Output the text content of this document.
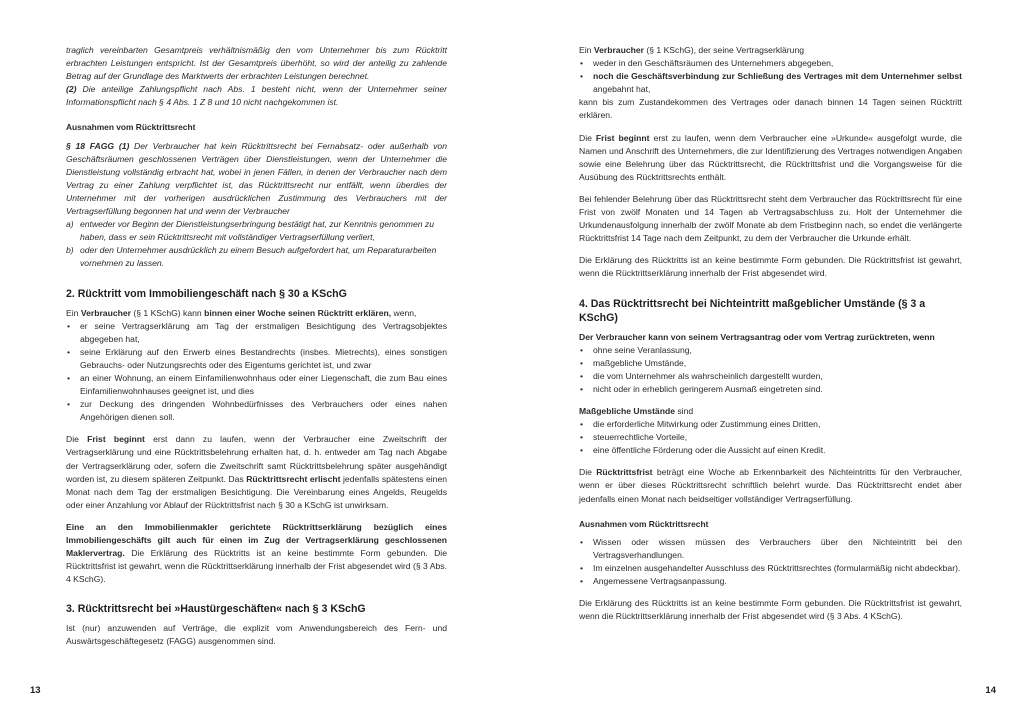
traglich vereinbarten Gesamtpreis verhältnismäßig den vom Unternehmer bis zum Rücktritt erbrachten Leistungen entspricht. Ist der Gesamtpreis überhöht, so wird der anteilig zu zahlende Betrag auf der Grundlage des Marktwerts der erbrachten Leistungen berechnet.

(2) Die anteilige Zahlungspflicht nach Abs. 1 besteht nicht, wenn der Unternehmer seiner Informationspflicht nach § 4 Abs. 1 Z 8 und 10 nicht nachgekommen ist.

Ausnahmen vom Rücktrittsrecht

§ 18 FAGG (1) Der Verbraucher hat kein Rücktrittsrecht bei Fernabsatz- oder außerhalb von Geschäftsräumen geschlossenen Verträgen über Dienstleistungen, wenn der Unternehmer die Dienstleistung vollständig erbracht hat, wobei in jenen Fällen, in denen der Verbraucher nach dem Vertrag zu einer Zahlung verpflichtet ist, das Rücktrittsrecht nur entfällt, wenn überdies der Unternehmer mit der vorherigen ausdrücklichen Zustimmung des Verbrauchers mit der Vertragserfüllung begonnen hat und wenn der Verbraucher

a) entweder vor Beginn der Dienstleistungserbringung bestätigt hat, zur Kenntnis genommen zu haben, dass er sein Rücktrittsrecht mit vollständiger Vertragserfüllung verliert,
b) oder den Unternehmer ausdrücklich zu einem Besuch aufgefordert hat, um Reparaturarbeiten vornehmen zu lassen.
2. Rücktritt vom Immobiliengeschäft nach § 30 a KSchG

Ein Verbraucher (§ 1 KSchG) kann binnen einer Woche seinen Rücktritt erklären, wenn,

• er seine Vertragserklärung am Tag der erstmaligen Besichtigung des Vertragsobjektes abgegeben hat,
• seine Erklärung auf den Erwerb eines Bestandrechts (insbes. Mietrechts), eines sonstigen Gebrauchs- oder Nutzungsrechts oder des Eigentums gerichtet ist, und zwar
• an einer Wohnung, an einem Einfamilienwohnhaus oder einer Liegenschaft, die zum Bau eines Einfamilienwohnhauses geeignet ist, und dies
• zur Deckung des dringenden Wohnbedürfnisses des Verbrauchers oder eines nahen Angehörigen dienen soll.

Die Frist beginnt erst dann zu laufen, wenn der Verbraucher eine Zweitschrift der Vertragserklärung und eine Rücktrittsbelehrung erhalten hat, d. h. entweder am Tag nach Abgabe der Vertragserklärung oder, sofern die Zweitschrift samt Rücktrittsbelehrung später ausgehändigt worden ist, zu diesem späteren Zeitpunkt. Das Rücktrittsrecht erlischt jedenfalls spätestens einen Monat nach dem Tag der erstmaligen Besichtigung. Die Vereinbarung eines Angelds, Reugelds oder einer Anzahlung vor Ablauf der Rücktrittsfrist nach § 30 a KSchG ist unwirksam.

Eine an den Immobilienmakler gerichtete Rücktrittserklärung bezüglich eines Immobiliengeschäfts gilt auch für einen im Zug der Vertragserklärung geschlossenen Maklervertrag. Die Erklärung des Rücktritts ist an keine bestimmte Form gebunden. Die Rücktrittsfrist ist gewahrt, wenn die Rücktrittserklärung innerhalb der Frist abgesendet wird (§ 3 Abs. 4 KSchG).

3. Rücktrittsrecht bei »Haustürgeschäften« nach § 3 KSchG

Ist (nur) anzuwenden auf Verträge, die explizit vom Anwendungsbereich des Fern- und Auswärtsgeschäftegesetz (FAGG) ausgenommen sind.

13

Ein Verbraucher (§ 1 KSchG), der seine Vertragserklärung

• weder in den Geschäftsräumen des Unternehmers abgegeben,
• noch die Geschäftsverbindung zur Schließung des Vertrages mit dem Unternehmer selbst angebahnt hat,

kann bis zum Zustandekommen des Vertrages oder danach binnen 14 Tagen seinen Rücktritt erklären.

Die Frist beginnt erst zu laufen, wenn dem Verbraucher eine »Urkunde« ausgefolgt wurde, die Namen und Anschrift des Unternehmers, die zur Identifizierung des Vertrages notwendigen Angaben sowie eine Belehrung über das Rücktrittsrecht, die Rücktrittsfrist und die Vorgangsweise für die Ausübung des Rücktrittsrechts enthält.

Bei fehlender Belehrung über das Rücktrittsrecht steht dem Verbraucher das Rücktrittsrecht für eine Frist von zwölf Monaten und 14 Tagen ab Vertragsabschluss zu. Holt der Unternehmer die Urkundenausfolgung innerhalb der zwölf Monate ab dem Fristbeginn nach, so endet die verlängerte Rücktrittsfrist 14 Tage nach dem Zeitpunkt, zu dem der Verbraucher die Urkunde erhält.

Die Erklärung des Rücktritts ist an keine bestimmte Form gebunden. Die Rücktrittsfrist ist gewahrt, wenn die Rücktrittserklärung innerhalb der Frist abgesendet wird.

4. Das Rücktrittsrecht bei Nichteintritt maßgeblicher Umstände (§ 3 a KSchG)

Der Verbraucher kann von seinem Vertragsantrag oder vom Vertrag zurücktreten, wenn

• ohne seine Veranlassung,
• maßgebliche Umstände,
• die vom Unternehmer als wahrscheinlich dargestellt wurden,
• nicht oder in erheblich geringerem Ausmaß eingetreten sind.

Maßgebliche Umstände sind

• die erforderliche Mitwirkung oder Zustimmung eines Dritten,
• steuerrechtliche Vorteile,
• eine öffentliche Förderung oder die Aussicht auf einen Kredit.

Die Rücktrittsfrist beträgt eine Woche ab Erkennbarkeit des Nichteintritts für den Verbraucher, wenn er über dieses Rücktrittsrecht schriftlich belehrt wurde. Das Rücktrittsrecht endet aber jedenfalls einen Monat nach beidseitiger vollständiger Vertragserfüllung.

Ausnahmen vom Rücktrittsrecht
• Wissen oder wissen müssen des Verbrauchers über den Nichteintritt bei den Vertragsverhandlungen.
• Im einzelnen ausgehandelter Ausschluss des Rücktrittsrechtes (formularmäßig nicht abdeckbar).
• Angemessene Vertragsanpassung.

Die Erklärung des Rücktritts ist an keine bestimmte Form gebunden. Die Rücktrittsfrist ist gewahrt, wenn die Rücktrittserklärung innerhalb der Frist abgesendet wird (§ 3 Abs. 4 KSchG).

14
